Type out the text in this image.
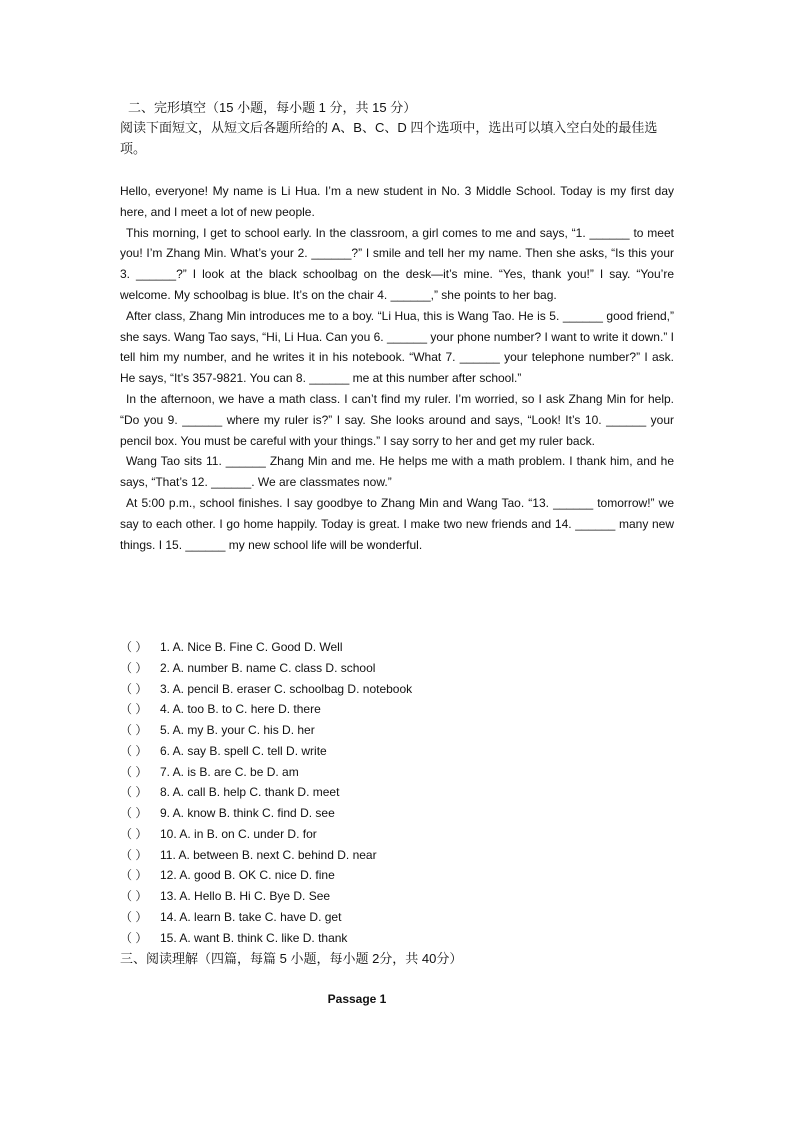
二、完形填空（15 小题，每小题 1 分，共 15 分）
阅读下面短文，从短文后各题所给的 A、B、C、D 四个选项中，选出可以填入空白处的最佳选项。

Hello, everyone! My name is Li Hua. I’m a new student in No. 3 Middle School. Today is my first day here, and I meet a lot of new people.

This morning, I get to school early. In the classroom, a girl comes to me and says, “1. ______ to meet you! I’m Zhang Min. What’s your 2. ______?” I smile and tell her my name. Then she asks, “Is this your 3. ______?” I look at the black schoolbag on the desk—it’s mine. “Yes, thank you!” I say. “You’re welcome. My schoolbag is blue. It’s on the chair 4. ______,” she points to her bag.

After class, Zhang Min introduces me to a boy. “Li Hua, this is Wang Tao. He is 5. ______ good friend,” she says. Wang Tao says, “Hi, Li Hua. Can you 6. ______ your phone number? I want to write it down.” I tell him my number, and he writes it in his notebook. “What 7. ______ your telephone number?” I ask. He says, “It’s 357-9821. You can 8. ______ me at this number after school.”

In the afternoon, we have a math class. I can’t find my ruler. I’m worried, so I ask Zhang Min for help. “Do you 9. ______ where my ruler is?” I say. She looks around and says, “Look! It’s 10. ______ your pencil box. You must be careful with your things.” I say sorry to her and get my ruler back.

Wang Tao sits 11. ______ Zhang Min and me. He helps me with a math problem. I thank him, and he says, “That’s 12. ______. We are classmates now.”

At 5:00 p.m., school finishes. I say goodbye to Zhang Min and Wang Tao. “13. ______ tomorrow!” we say to each other. I go home happily. Today is great. I make two new friends and 14. ______ many new things. I 15. ______ my new school life will be wonderful.

（ ） 1. A. Nice B. Fine C. Good D. Well
（ ） 2. A. number B. name C. class D. school
（ ） 3. A. pencil B. eraser C. schoolbag D. notebook
（ ） 4. A. too B. to C. here D. there
（ ） 5. A. my B. your C. his D. her
（ ） 6. A. say B. spell C. tell D. write
（ ） 7. A. is B. are C. be D. am
（ ） 8. A. call B. help C. thank D. meet
（ ） 9. A. know B. think C. find D. see
（ ） 10. A. in B. on C. under D. for
（ ） 11. A. between B. next C. behind D. near
（ ） 12. A. good B. OK C. nice D. fine
（ ） 13. A. Hello B. Hi C. Bye D. See
（ ） 14. A. learn B. take C. have D. get
（ ） 15. A. want B. think C. like D. thank
三、阅读理解（四篇，每篇 5 小题，每小题 2分，共 40分）
Passage 1
